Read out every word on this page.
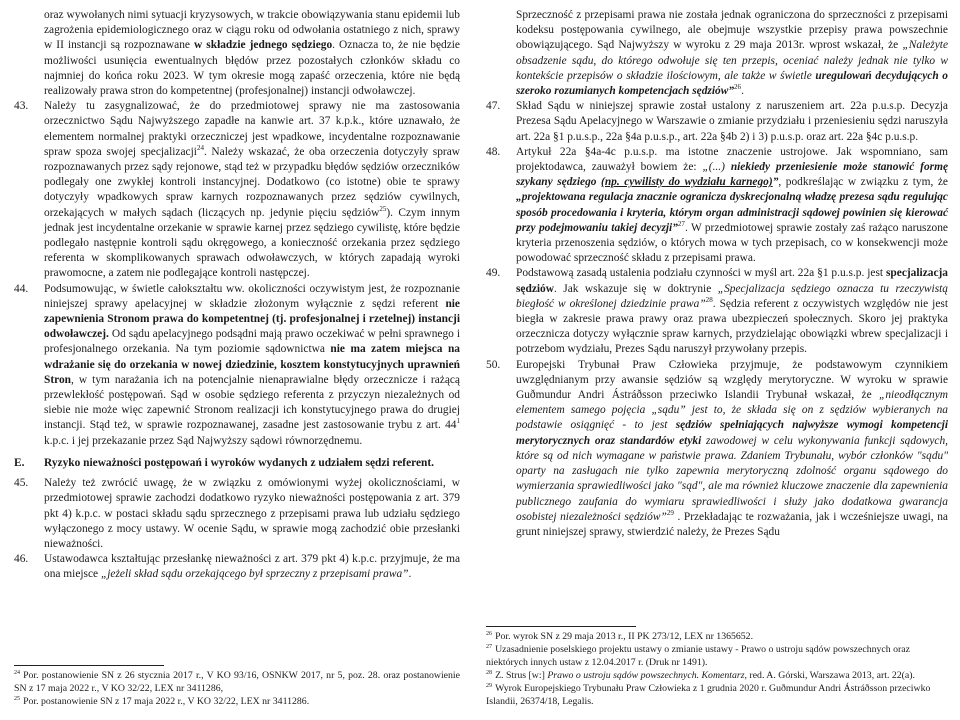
oraz wywołanych nimi sytuacji kryzysowych, w trakcie obowiązywania stanu epidemii lub zagrożenia epidemiologicznego oraz w ciągu roku od odwołania ostatniego z nich, sprawy w II instancji są rozpoznawane w składzie jednego sędziego. Oznacza to, że nie będzie możliwości usunięcia ewentualnych błędów przez pozostałych członków składu co najmniej do końca roku 2023. W tym okresie mogą zapaść orzeczenia, które nie będą realizowały prawa stron do kompetentnej (profesjonalnej) instancji odwoławczej.
43.	Należy tu zasygnalizować, że do przedmiotowej sprawy nie ma zastosowania orzecznictwo Sądu Najwyższego zapadłe na kanwie art. 37 k.p.k., które uznawało, że elementem normalnej praktyki orzeczniczej jest wpadkowe, incydentalne rozpoznawanie spraw spoza swojej specjalizacji$^{24}$. Należy wskazać, że oba orzeczenia dotyczyły spraw rozpoznawanych przez sądy rejonowe, stąd też w przypadku błędów sędziów orzeczników podlegały one zwykłej kontroli instancyjnej. Dodatkowo (co istotne) obie te sprawy dotyczyły wpadkowych spraw karnych rozpoznawanych przez sędziów cywilnych, orzekających w małych sądach (liczących np. jedynie pięciu sędziów$^{25}$). Czym innym jednak jest incydentalne orzekanie w sprawie karnej przez sędziego cywilistę, które będzie podlegało następnie kontroli sądu okręgowego, a konieczność orzekania przez sędziego referenta w skomplikowanych sprawach odwoławczych, w których zapadają wyroki prawomocne, a zatem nie podlegające kontroli następczej.
44.	Podsumowując, w świetle całokształtu ww. okoliczności oczywistym jest, że rozpoznanie niniejszej sprawy apelacyjnej w składzie złożonym wyłącznie z sędzi referent nie zapewnienia Stronom prawa do kompetentnej (tj. profesjonalnej i rzetelnej) instancji odwoławczej. Od sądu apelacyjnego podsądni mają prawo oczekiwać w pełni sprawnego i profesjonalnego orzekania. Na tym poziomie sądownictwa nie ma zatem miejsca na wdrażanie się do orzekania w nowej dziedzinie, kosztem konstytucyjnych uprawnień Stron, w tym narażania ich na potencjalnie nienaprawialne błędy orzecznicze i rażącą przewlekłość postępowań. Sąd w osobie sędziego referenta z przyczyn niezależnych od siebie nie może więc zapewnić Stronom realizacji ich konstytucyjnego prawa do drugiej instancji. Stąd też, w sprawie rozpoznawanej, zasadne jest zastosowanie trybu z art. $44^1$ k.p.c. i jej przekazanie przez Sąd Najwyższy sądowi równorzędnemu.
E.	Ryzyko nieważności postępowań i wyroków wydanych z udziałem sędzi referent.
45.	Należy też zwrócić uwagę, że w związku z omówionymi wyżej okolicznościami, w przedmiotowej sprawie zachodzi dodatkowo ryzyko nieważności postępowania z art. 379 pkt 4) k.p.c. w postaci składu sądu sprzecznego z przepisami prawa lub udziału sędziego wyłączonego z mocy ustawy. W ocenie Sądu, w sprawie mogą zachodzić obie przesłanki nieważności.
46.	Ustawodawca kształtując przesłankę nieważności z art. 379 pkt 4) k.p.c. przyjmuje, że ma ona miejsce „jeżeli skład sądu orzekającego był sprzeczny z przepisami prawa”.
$^{24}$ Por. postanowienie SN z 26 stycznia 2017 r., V KO 93/16, OSNKW 2017, nr 5, poz. 28. oraz postanowienie SN z 17 maja 2022 r., V KO 32/22, LEX nr 3411286,
$^{25}$ Por. postanowienie SN z 17 maja 2022 r., V KO 32/22, LEX nr 3411286.
Sprzeczność z przepisami prawa nie została jednak ograniczona do sprzeczności z przepisami kodeksu postępowania cywilnego, ale obejmuje wszystkie przepisy prawa powszechnie obowiązującego. Sąd Najwyższy w wyroku z 29 maja 2013r. wprost wskazał, że „Należyte obsadzenie sądu, do którego odwołuje się ten przepis, oceniać należy jednak nie tylko w kontekście przepisów o składzie ilościowym, ale także w świetle uregulowań decydujących o szeroko rozumianych kompetencjach sędziów”$^{26}$.
47.	Skład Sądu w niniejszej sprawie został ustalony z naruszeniem art. 22a p.u.s.p. Decyzja Prezesa Sądu Apelacyjnego w Warszawie o zmianie przydziału i przeniesieniu sędzi naruszyła art. 22a §1 p.u.s.p., 22a §4a p.u.s.p., art. 22a §4b 2) i 3) p.u.s.p. oraz art. 22a §4c p.u.s.p.
48.	Artykuł 22a §4a-4c p.u.s.p. ma istotne znaczenie ustrojowe. Jak wspomniano, sam projektodawca, zauważył bowiem że: „(...) niekiedy przeniesienie może stanowić formę szykany sędziego (np. cywilisty do wydziału karnego)”, podkreślając w związku z tym, że „projektowana regulacja znacznie ogranicza dyskrecjonalną władzę prezesa sądu regulując sposób procedowania i kryteria, którym organ administracji sądowej powinien się kierować przy podejmowaniu takiej decyzji”$^{27}$. W przedmiotowej sprawie zostały zaś rażąco naruszone kryteria przenoszenia sędziów, o których mowa w tych przepisach, co w konsekwencji może powodować sprzeczność składu z przepisami prawa.
49.	Podstawową zasadą ustalenia podziału czynności w myśl art. 22a §1 p.u.s.p. jest specjalizacja sędziów. Jak wskazuje się w doktrynie „Specjalizacja sędziego oznacza tu rzeczywistą biegłość w określonej dziedzinie prawa”$^{28}$. Sędzia referent z oczywistych względów nie jest biegła w zakresie prawa prawy oraz prawa ubezpieczeń społecznych. Skoro jej praktyka orzecznicza dotyczy wyłącznie spraw karnych, przydzielając obowiązki wbrew specjalizacji i potrzebom wydziału, Prezes Sądu naruszył przywołany przepis.
50.	Europejski Trybunał Praw Człowieka przyjmuje, że podstawowym czynnikiem uwzględnianym przy awansie sędziów są względy merytoryczne. W wyroku w sprawie Guðmundur Andri Ástráðsson przeciwko Islandii Trybunał wskazał, że „nieodłącznym elementem samego pojęcia „sądu” jest to, że składa się on z sędziów wybieranych na podstawie osiągnięć - to jest sędziów spełniających najwyższe wymogi kompetencji merytorycznych oraz standardów etyki zawodowej w celu wykonywania funkcji sądowych, które są od nich wymagane w państwie prawa. Zdaniem Trybunału, wybór członków "sądu" oparty na zasługach nie tylko zapewnia merytoryczną zdolność organu sądowego do wymierzania sprawiedliwości jako "sąd", ale ma również kluczowe znaczenie dla zapewnienia publicznego zaufania do wymiaru sprawiedliwości i służy jako dodatkowa gwarancja osobistej niezależności sędziów”$^{29}$ . Przekładając te rozważania, jak i wcześniejsze uwagi, na grunt niniejszej sprawy, stwierdzić należy, że Prezes Sądu
$^{26}$ Por. wyrok SN z 29 maja 2013 r., II PK 273/12, LEX nr 1365652.
$^{27}$ Uzasadnienie poselskiego projektu ustawy o zmianie ustawy - Prawo o ustroju sądów powszechnych oraz niektórych innych ustaw z 12.04.2017 r. (Druk nr 1491).
$^{28}$ Z. Strus [w:] Prawo o ustroju sądów powszechnych. Komentarz, red. A. Górski, Warszawa 2013, art. 22(a).
$^{29}$ Wyrok Europejskiego Trybunału Praw Człowieka z 1 grudnia 2020 r. Guðmundur Andri Ástráðsson przeciwko Islandii, 26374/18, Legalis.
